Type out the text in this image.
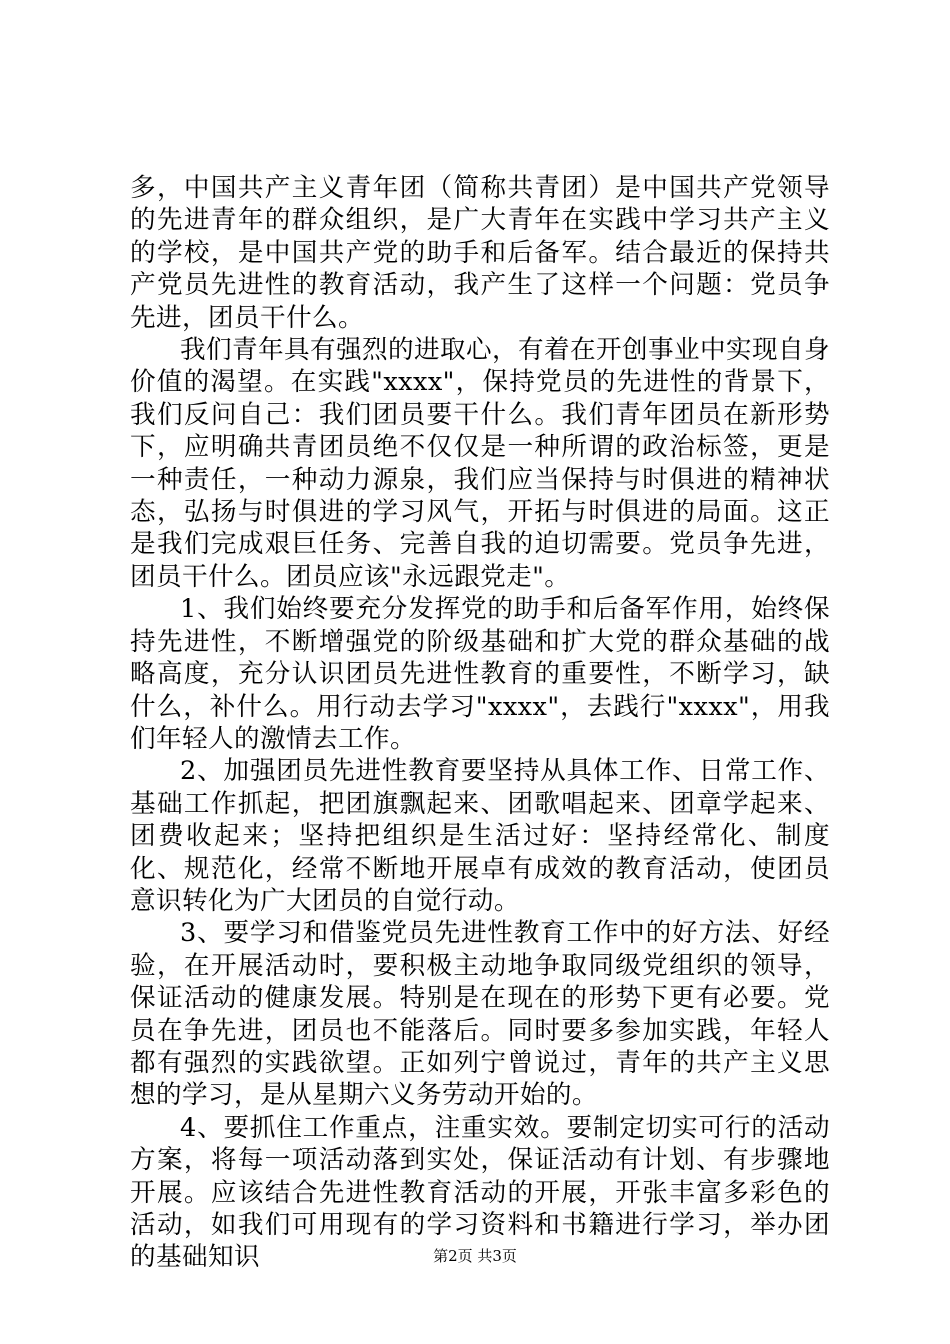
多，中国共产主义青年团（简称共青团）是中国共产党领导的先进青年的群众组织，是广大青年在实践中学习共产主义的学校，是中国共产党的助手和后备军。结合最近的保持共产党员先进性的教育活动，我产生了这样一个问题：党员争先进，团员干什么。

我们青年具有强烈的进取心，有着在开创事业中实现自身价值的渴望。在实践"xxxx"，保持党员的先进性的背景下，我们反问自己：我们团员要干什么。我们青年团员在新形势下，应明确共青团员绝不仅仅是一种所谓的政治标签，更是一种责任，一种动力源泉，我们应当保持与时俱进的精神状态，弘扬与时俱进的学习风气，开拓与时俱进的局面。这正是我们完成艰巨任务、完善自我的迫切需要。党员争先进，团员干什么。团员应该"永远跟党走"。

1、我们始终要充分发挥党的助手和后备军作用，始终保持先进性，不断增强党的阶级基础和扩大党的群众基础的战略高度，充分认识团员先进性教育的重要性，不断学习，缺什么，补什么。用行动去学习"xxxx"，去践行"xxxx"，用我们年轻人的激情去工作。

2、加强团员先进性教育要坚持从具体工作、日常工作、基础工作抓起，把团旗飘起来、团歌唱起来、团章学起来、团费收起来；坚持把组织是生活过好：坚持经常化、制度化、规范化，经常不断地开展卓有成效的教育活动，使团员意识转化为广大团员的自觉行动。

3、要学习和借鉴党员先进性教育工作中的好方法、好经验，在开展活动时，要积极主动地争取同级党组织的领导，保证活动的健康发展。特别是在现在的形势下更有必要。党员在争先进，团员也不能落后。同时要多参加实践，年轻人都有强烈的实践欲望。正如列宁曾说过，青年的共产主义思想的学习，是从星期六义务劳动开始的。

4、要抓住工作重点，注重实效。要制定切实可行的活动方案，将每一项活动落到实处，保证活动有计划、有步骤地开展。应该结合先进性教育活动的开展，开张丰富多彩色的活动，如我们可用现有的学习资料和书籍进行学习，举办团的基础知识	第2页 共3页
